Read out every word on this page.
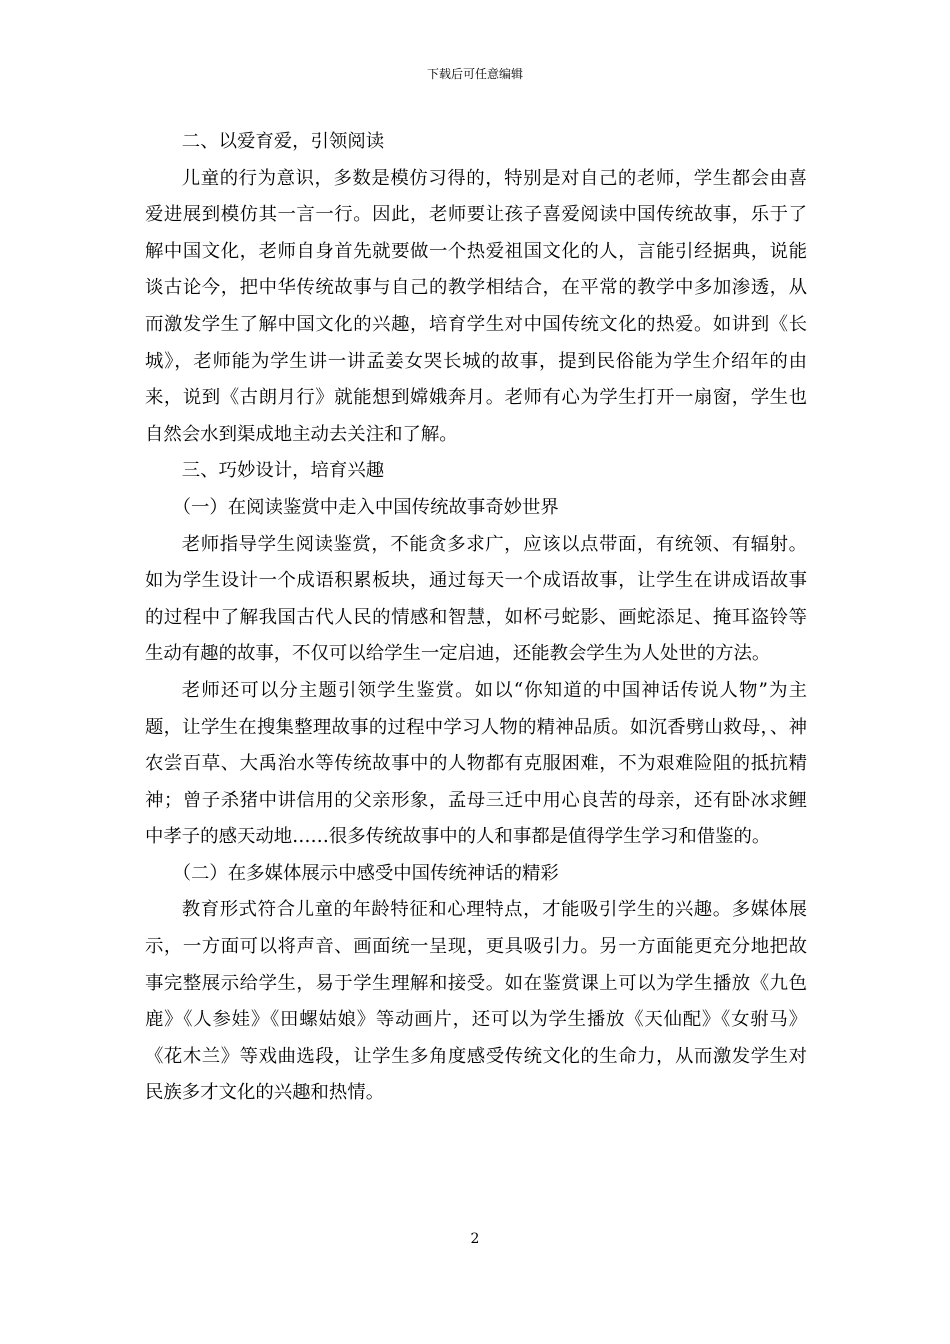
下载后可任意编辑

二、以爱育爱，引领阅读

儿童的行为意识，多数是模仿习得的，特别是对自己的老师，学生都会由喜爱进展到模仿其一言一行。因此，老师要让孩子喜爱阅读中国传统故事，乐于了解中国文化，老师自身首先就要做一个热爱祖国文化的人，言能引经据典，说能谈古论今，把中华传统故事与自己的教学相结合，在平常的教学中多加渗透，从而激发学生了解中国文化的兴趣，培育学生对中国传统文化的热爱。如讲到《长城》，老师能为学生讲一讲孟姜女哭长城的故事，提到民俗能为学生介绍年的由来，说到《古朗月行》就能想到嫦娥奔月。老师有心为学生打开一扇窗，学生也自然会水到渠成地主动去关注和了解。

三、巧妙设计，培育兴趣

（一）在阅读鉴赏中走入中国传统故事奇妙世界

老师指导学生阅读鉴赏，不能贪多求广，应该以点带面，有统领、有辐射。如为学生设计一个成语积累板块，通过每天一个成语故事，让学生在讲成语故事的过程中了解我国古代人民的情感和智慧，如杯弓蛇影、画蛇添足、掩耳盗铃等生动有趣的故事，不仅可以给学生一定启迪，还能教会学生为人处世的方法。

老师还可以分主题引领学生鉴赏。如以“你知道的中国神话传说人物”为主题，让学生在搜集整理故事的过程中学习人物的精神品质。如沉香劈山救母，、神农尝百草、大禹治水等传统故事中的人物都有克服困难，不为艰难险阻的抵抗精神；曾子杀猪中讲信用的父亲形象，孟母三迁中用心良苦的母亲，还有卧冰求鲤中孝子的感天动地……很多传统故事中的人和事都是值得学生学习和借鉴的。

（二）在多媒体展示中感受中国传统神话的精彩

教育形式符合儿童的年龄特征和心理特点，才能吸引学生的兴趣。多媒体展示，一方面可以将声音、画面统一呈现，更具吸引力。另一方面能更充分地把故事完整展示给学生，易于学生理解和接受。如在鉴赏课上可以为学生播放《九色鹿》《人参娃》《田螺姑娘》等动画片，还可以为学生播放《天仙配》《女驸马》《花木兰》等戏曲选段，让学生多角度感受传统文化的生命力，从而激发学生对民族多才文化的兴趣和热情。

2
